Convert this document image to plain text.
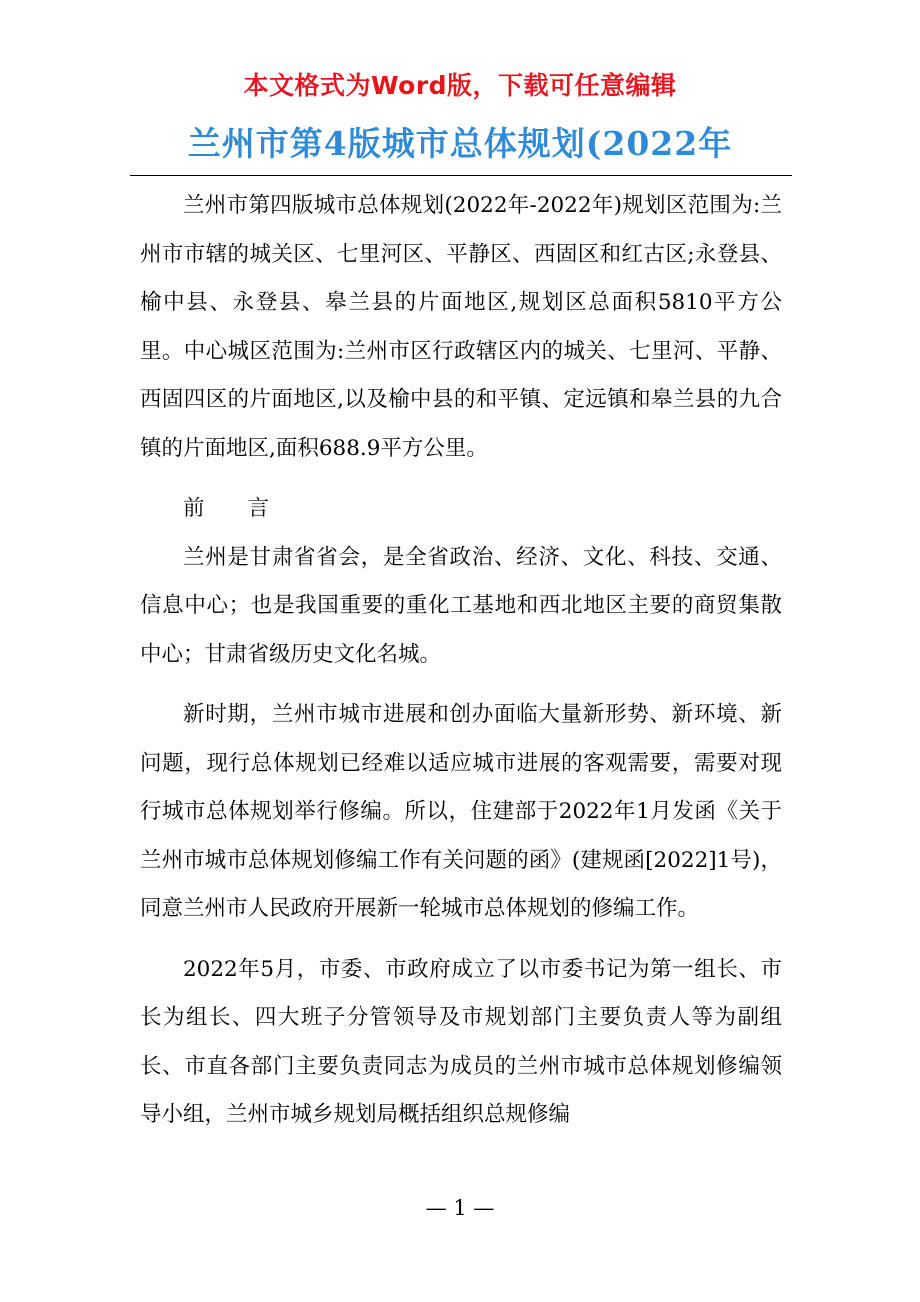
本文格式为Word版，下载可任意编辑
兰州市第4版城市总体规划(2022年

兰州市第四版城市总体规划(2022年-2022年)规划区范围为:兰州市市辖的城关区、七里河区、平静区、西固区和红古区;永登县、榆中县、永登县、皋兰县的片面地区,规划区总面积5810平方公里。中心城区范围为:兰州市区行政辖区内的城关、七里河、平静、西固四区的片面地区,以及榆中县的和平镇、定远镇和皋兰县的九合镇的片面地区,面积688.9平方公里。

前 言

兰州是甘肃省省会，是全省政治、经济、文化、科技、交通、信息中心；也是我国重要的重化工基地和西北地区主要的商贸集散中心；甘肃省级历史文化名城。

新时期，兰州市城市进展和创办面临大量新形势、新环境、新问题，现行总体规划已经难以适应城市进展的客观需要，需要对现行城市总体规划举行修编。所以，住建部于2022年1月发函《关于兰州市城市总体规划修编工作有关问题的函》(建规函[2022]1号)，同意兰州市人民政府开展新一轮城市总体规划的修编工作。

2022年5月，市委、市政府成立了以市委书记为第一组长、市长为组长、四大班子分管领导及市规划部门主要负责人等为副组长、市直各部门主要负责同志为成员的兰州市城市总体规划修编领导小组，兰州市城乡规划局概括组织总规修编

— 1 —
